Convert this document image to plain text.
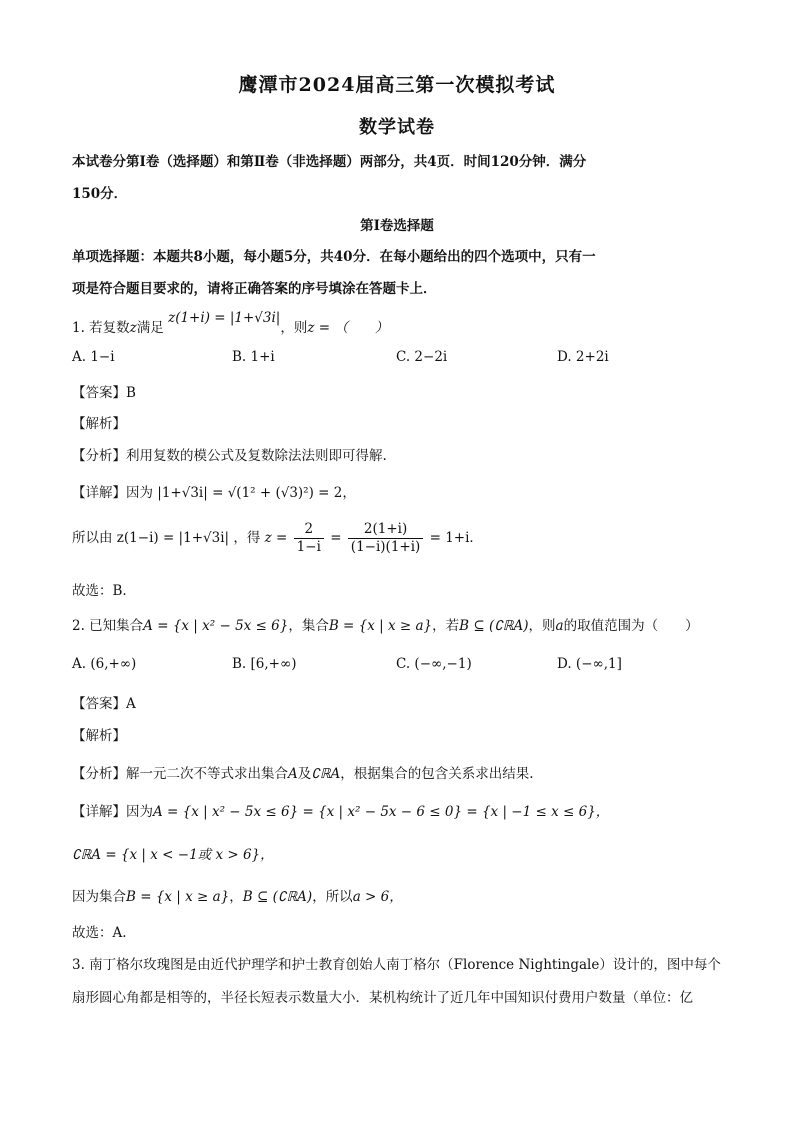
鹰潭市2024届高三第一次模拟考试
数学试卷
本试卷分第Ⅰ卷（选择题）和第Ⅱ卷（非选择题）两部分，共4页．时间120分钟．满分
150分．
第Ⅰ卷选择题
单项选择题：本题共8小题，每小题5分，共40分．在每小题给出的四个选项中，只有一
项是符合题目要求的，请将正确答案的序号填涂在答题卡上．
1. 若复数z满足 z(1+i) = |1+√3i|，则z = （　　）
A. 1−i	B. 1+i	C. 2−2i	D. 2+2i
【答案】B
【解析】
【分析】利用复数的模公式及复数除法法则即可得解.
【详解】因为 |1+√3i| = √(1² + (√3)²) = 2，
所以由 z(1−i) = |1+√3i| ，得 $z = \frac{2}{1-i} = \frac{2(1+i)}{(1-i)(1+i)} = 1+i$．
故选：B.
2. 已知集合A = {x | x² − 5x ≤ 6}，集合B = {x | x ≥ a}，若B ⊆ (∁ℝA)，则a的取值范围为（　　）
A. (6,+∞)	B. [6,+∞)	C. (−∞,−1)	D. (−∞,1]
【答案】A
【解析】
【分析】解一元二次不等式求出集合A及∁ℝA，根据集合的包含关系求出结果.
【详解】因为A = {x | x² − 5x ≤ 6} = {x | x² − 5x − 6 ≤ 0} = {x | −1 ≤ x ≤ 6}，
∁ℝA = {x | x < −1或 x > 6}，
因为集合B = {x | x ≥ a}，B ⊆ (∁ℝA)，所以a > 6，
故选：A.
3. 南丁格尔玫瑰图是由近代护理学和护士教育创始人南丁格尔（Florence Nightingale）设计的，图中每个
扇形圆心角都是相等的，半径长短表示数量大小．某机构统计了近几年中国知识付费用户数量（单位：亿
